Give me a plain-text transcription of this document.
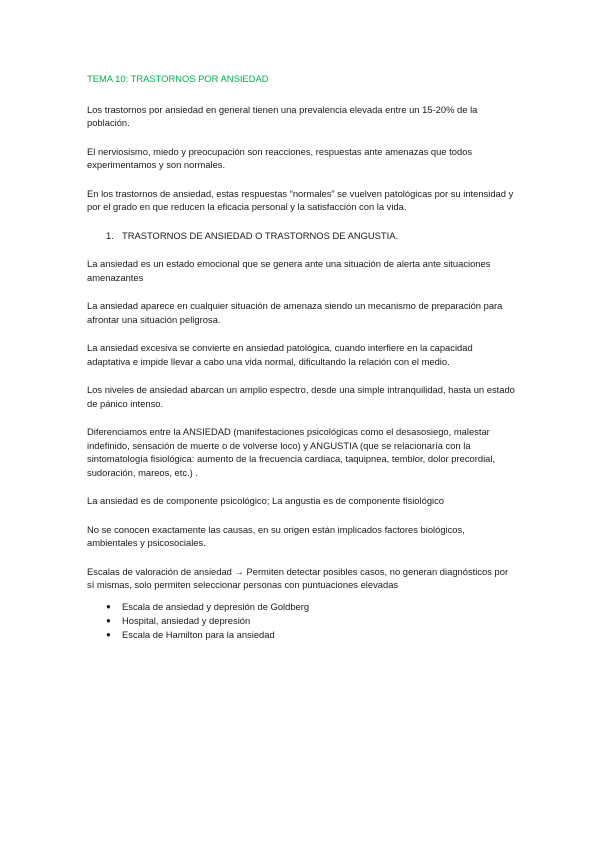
TEMA 10: TRASTORNOS POR ANSIEDAD

Los trastornos por ansiedad en general tienen una prevalencia elevada entre un 15-20% de la población.

El nerviosismo, miedo y preocupación son reacciones, respuestas ante amenazas que todos experimentamos y son normales.

En los trastornos de ansiedad, estas respuestas “normales” se vuelven patológicas por su intensidad y por el grado en que reducen la eficacia personal y la satisfacción con la vida.

1. TRASTORNOS DE ANSIEDAD O TRASTORNOS DE ANGUSTIA.

La ansiedad es un estado emocional que se genera ante una situación de alerta ante situaciones amenazantes

La ansiedad aparece en cualquier situación de amenaza siendo un mecanismo de preparación para afrontar una situación peligrosa.

La ansiedad excesiva se convierte en ansiedad patológica, cuando interfiere en la capacidad adaptativa e impide llevar a cabo una vida normal, dificultando la relación con el medio.

Los niveles de ansiedad abarcan un amplio espectro, desde una simple intranquilidad, hasta un estado de pánico intenso.

Diferenciamos entre la ANSIEDAD (manifestaciones psicológicas como el desasosiego, malestar indefinido, sensación de muerte o de volverse loco) y ANGUSTIA (que se relacionaría con la sintomatología fisiológica: aumento de la frecuencia cardiaca, taquipnea, temblor, dolor precordial, sudoración, mareos, etc.) .

La ansiedad es de componente psicológico; La angustia es de componente fisiológico

No se conocen exactamente las causas, en su origen están implicados factores biológicos, ambientales y psicosociales.

Escalas de valoración de ansiedad → Permiten detectar posibles casos, no generan diagnósticos por sí mismas, solo permiten seleccionar personas con puntuaciones elevadas

●	Escala de ansiedad y depresión de Goldberg
●	Hospital, ansiedad y depresión
●	Escala de Hamilton para la ansiedad
